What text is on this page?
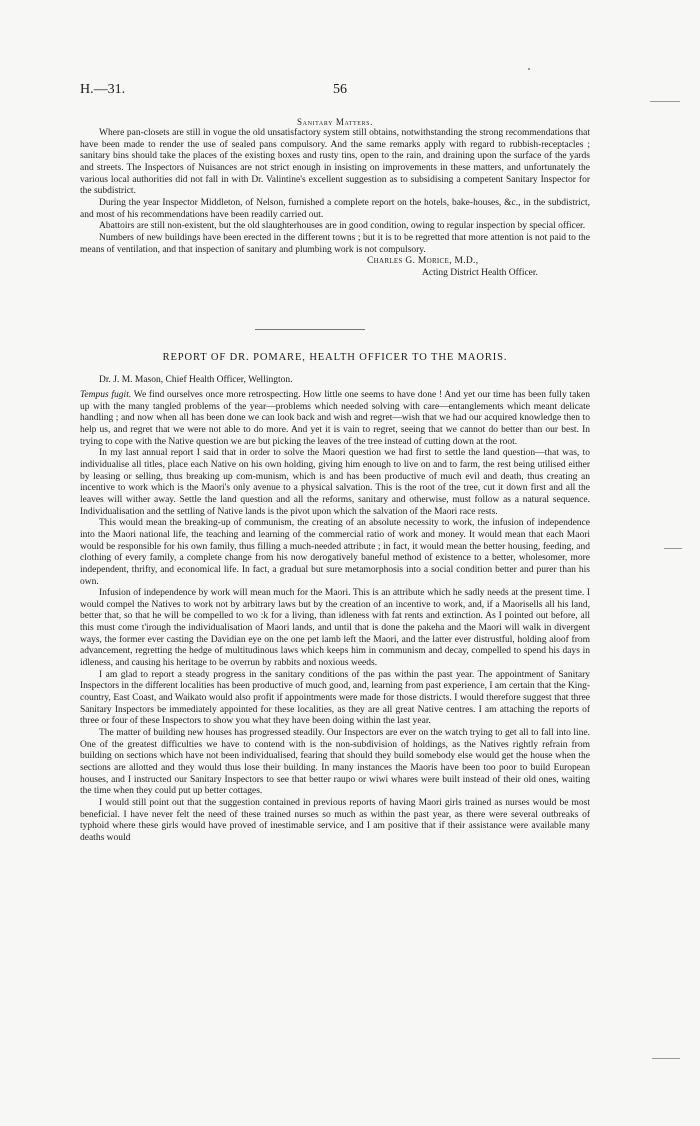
H.—31.	56
Sanitary Matters.

Where pan-closets are still in vogue the old unsatisfactory system still obtains, notwithstanding the strong recommendations that have been made to render the use of sealed pans compulsory. And the same remarks apply with regard to rubbish-receptacles ; sanitary bins should take the places of the existing boxes and rusty tins, open to the rain, and draining upon the surface of the yards and streets. The Inspectors of Nuisances are not strict enough in insisting on improvements in these matters, and unfortunately the various local authorities did not fall in with Dr. Valintine's excellent suggestion as to subsidising a competent Sanitary Inspector for the subdistrict.

During the year Inspector Middleton, of Nelson, furnished a complete report on the hotels, bake-houses, &c., in the subdistrict, and most of his recommendations have been readily carried out.

Abattoirs are still non-existent, but the old slaughterhouses are in good condition, owing to regular inspection by special officer.

Numbers of new buildings have been erected in the different towns ; but it is to be regretted that more attention is not paid to the means of ventilation, and that inspection of sanitary and plumbing work is not compulsory.

Charles G. Morice, M.D.,
Acting District Health Officer.
REPORT OF DR. POMARE, HEALTH OFFICER TO THE MAORIS.
Dr. J. M. Mason, Chief Health Officer, Wellington.

Tempus fugit. We find ourselves once more retrospecting. How little one seems to have done ! And yet our time has been fully taken up with the many tangled problems of the year—problems which needed solving with care—entanglements which meant delicate handling ; and now when all has been done we can look back and wish and regret—wish that we had our acquired knowledge then to help us, and regret that we were not able to do more. And yet it is vain to regret, seeing that we cannot do better than our best. In trying to cope with the Native question we are but picking the leaves of the tree instead of cutting down at the root.

In my last annual report I said that in order to solve the Maori question we had first to settle the land question—that was, to individualise all titles, place each Native on his own holding, giving him enough to live on and to farm, the rest being utilised either by leasing or selling, thus breaking up com-munism, which is and has been productive of much evil and death, thus creating an incentive to work which is the Maori's only avenue to a physical salvation. This is the root of the tree, cut it down first and all the leaves will wither away. Settle the land question and all the reforms, sanitary and otherwise, must follow as a natural sequence. Individualisation and the settling of Native lands is the pivot upon which the salvation of the Maori race rests.

This would mean the breaking-up of communism, the creating of an absolute necessity to work, the infusion of independence into the Maori national life, the teaching and learning of the commercial ratio of work and money. It would mean that each Maori would be responsible for his own family, thus filling a much-needed attribute ; in fact, it would mean the better housing, feeding, and clothing of every family, a complete change from his now derogatively baneful method of existence to a better, wholesomer, more independent, thrifty, and economical life. In fact, a gradual but sure metamorphosis into a social condition better and purer than his own.

Infusion of independence by work will mean much for the Maori. This is an attribute which he sadly needs at the present time. I would compel the Natives to work not by arbitrary laws but by the creation of an incentive to work, and, if a Maorisells all his land, better that, so that he will be compelled to wo :k for a living, than idleness with fat rents and extinction. As I pointed out before, all this must come t'irough the individualisation of Maori lands, and until that is done the pakeha and the Maori will walk in divergent ways, the former ever casting the Davidian eye on the one pet lamb left the Maori, and the latter ever distrustful, holding aloof from advancement, regretting the hedge of multitudinous laws which keeps him in communism and decay, compelled to spend his days in idleness, and causing his heritage to be overrun by rabbits and noxious weeds.

I am glad to report a steady progress in the sanitary conditions of the pas within the past year. The appointment of Sanitary Inspectors in the different localities has been productive of much good, and, learning from past experience, I am certain that the King-country, East Coast, and Waikato would also profit if appointments were made for those districts. I would therefore suggest that three Sanitary Inspectors be immediately appointed for these localities, as they are all great Native centres. I am attaching the reports of three or four of these Inspectors to show you what they have been doing within the last year.

The matter of building new houses has progressed steadily. Our Inspectors are ever on the watch trying to get all to fall into line. One of the greatest difficulties we have to contend with is the non-subdivision of holdings, as the Natives rightly refrain from building on sections which have not been individualised, fearing that should they build somebody else would get the house when the sections are allotted and they would thus lose their building. In many instances the Maoris have been too poor to build European houses, and I instructed our Sanitary Inspectors to see that better raupo or wiwi whares were built instead of their old ones, waiting the time when they could put up better cottages.

I would still point out that the suggestion contained in previous reports of having Maori girls trained as nurses would be most beneficial. I have never felt the need of these trained nurses so much as within the past year, as there were several outbreaks of typhoid where these girls would have proved of inestimable service, and I am positive that if their assistance were available many deaths would
